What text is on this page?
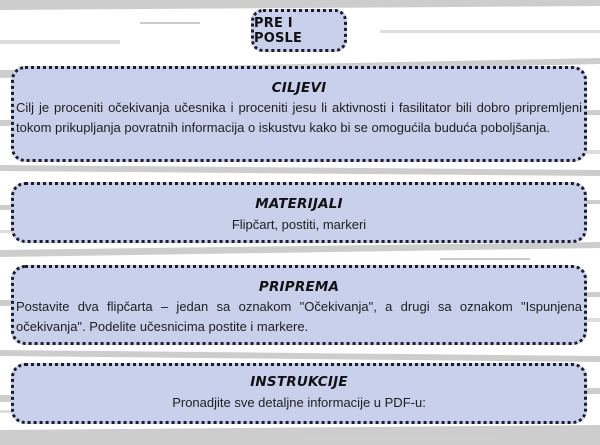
PRE I POSLE
CILJEVI

Cilj je proceniti očekivanja učesnika i proceniti jesu li aktivnosti i fasilitator bili dobro pripremljeni tokom prikupljanja povratnih informacija o iskustvu kako bi se omogućila buduća poboljšanja.

MATERIJALI

Flipčart, postiti, markeri

PRIPREMA

Postavite dva flipčarta – jedan sa oznakom "Očekivanja", a drugi sa oznakom "Ispunjena očekivanja". Podelite učesnicima postite i markere.

INSTRUKCIJE

Pronadjite sve detaljne informacije u PDF-u:
